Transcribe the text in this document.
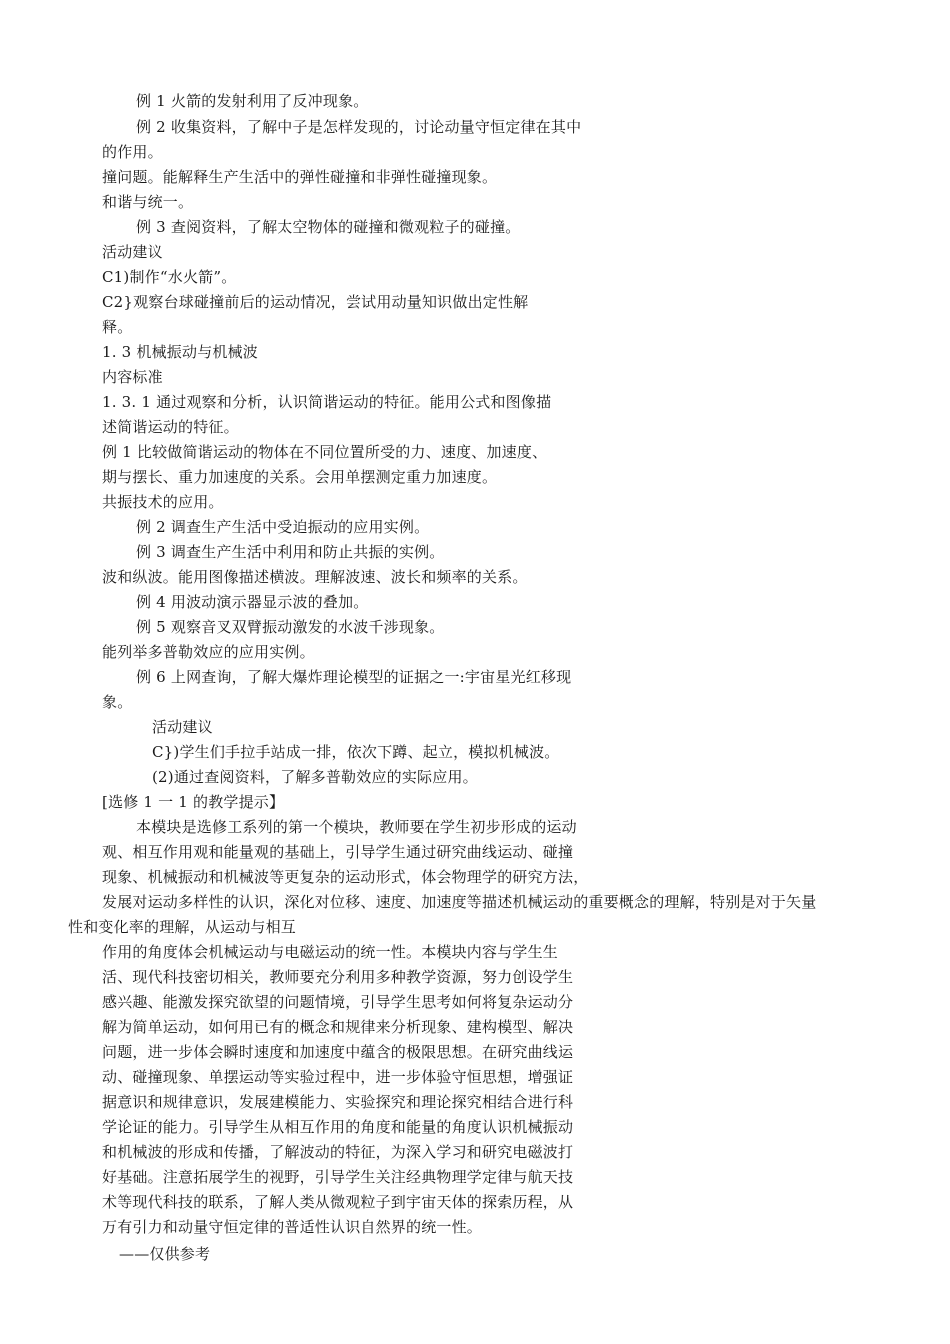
例 1 火箭的发射利用了反冲现象。

例 2 收集资料，了解中子是怎样发现的，讨论动量守恒定律在其中

的作用。

撞问题。能解释生产生活中的弹性碰撞和非弹性碰撞现象。

和谐与统一。

例 3 查阅资料，了解太空物体的碰撞和微观粒子的碰撞。

活动建议

C1)制作“水火箭”。

C2}观察台球碰撞前后的运动情况，尝试用动量知识做出定性解

释。

1. 3 机械振动与机械波

内容标准

1. 3. 1 通过观察和分析，认识简谐运动的特征。能用公式和图像描

述简谐运动的特征。

例 1 比较做简谐运动的物体在不同位置所受的力、速度、加速度、

期与摆长、重力加速度的关系。会用单摆测定重力加速度。

共振技术的应用。

例 2 调查生产生活中受迫振动的应用实例。

例 3 调查生产生活中利用和防止共振的实例。

波和纵波。能用图像描述横波。理解波速、波长和频率的关系。

例 4 用波动演示器显示波的叠加。

例 5 观察音叉双臂振动激发的水波千涉现象。

能列举多普勒效应的应用实例。

例 6 上网查询，了解大爆炸理论模型的证据之一:宇宙星光红移现

象。

活动建议

C})学生们手拉手站成一排，依次下蹲、起立，模拟机械波。

(2)通过查阅资料，了解多普勒效应的实际应用。

[选修 1 一 1 的教学提示】

本模块是选修工系列的第一个模块，教师要在学生初步形成的运动

观、相互作用观和能量观的基础上，引导学生通过研究曲线运动、碰撞

现象、机械振动和机械波等更复杂的运动形式，体会物理学的研究方法，

发展对运动多样性的认识，深化对位移、速度、加速度等描述机械运动的重要概念的理解，特别是对于矢量

性和变化率的理解，从运动与相互

作用的角度体会机械运动与电磁运动的统一性。本模块内容与学生生

活、现代科技密切相关，教师要充分利用多种教学资源，努力创设学生

感兴趣、能激发探究欲望的问题情境，引导学生思考如何将复杂运动分

解为简单运动，如何用已有的概念和规律来分析现象、建构模型、解决

问题，进一步体会瞬时速度和加速度中蕴含的极限思想。在研究曲线运

动、碰撞现象、单摆运动等实验过程中，进一步体验守恒思想，增强证

据意识和规律意识，发展建模能力、实验探究和理论探究相结合进行科

学论证的能力。引导学生从相互作用的角度和能量的角度认识机械振动

和机械波的形成和传播，了解波动的特征，为深入学习和研究电磁波打

好基础。注意拓展学生的视野，引导学生关注经典物理学定律与航天技

术等现代科技的联系，了解人类从微观粒子到宇宙天体的探索历程，从

万有引力和动量守恒定律的普适性认识自然界的统一性。

——仅供参考
